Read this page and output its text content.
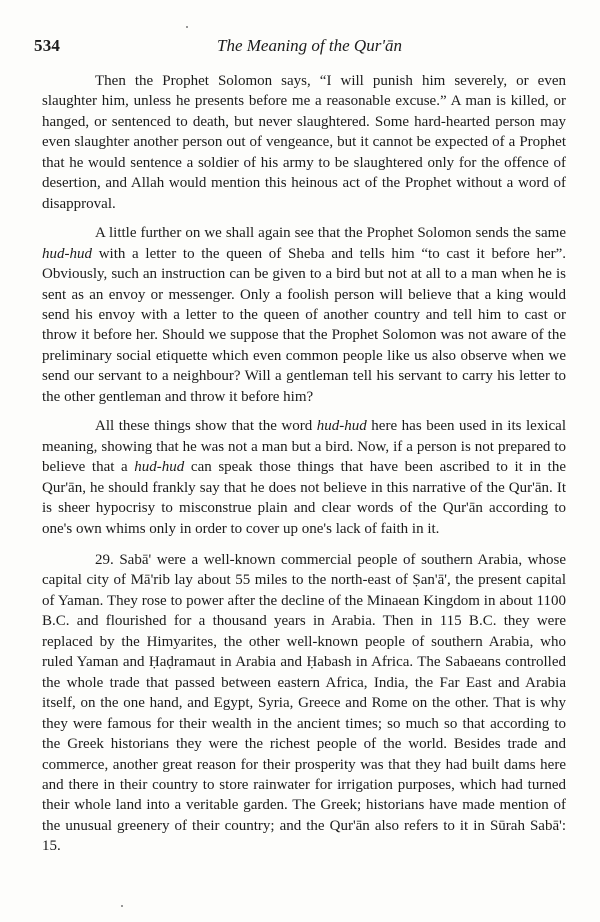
534	The Meaning of the Qur'ān

Then the Prophet Solomon says, “I will punish him severely, or even slaughter him, unless he presents before me a reasonable excuse.” A man is killed, or hanged, or sentenced to death, but never slaughtered. Some hard-hearted person may even slaughter another person out of vengeance, but it cannot be expected of a Prophet that he would sentence a soldier of his army to be slaughtered only for the offence of desertion, and Allah would mention this heinous act of the Prophet without a word of disapproval.

A little further on we shall again see that the Prophet Solomon sends the same hud-hud with a letter to the queen of Sheba and tells him “to cast it before her”. Obviously, such an instruction can be given to a bird but not at all to a man when he is sent as an envoy or messenger. Only a foolish person will believe that a king would send his envoy with a letter to the queen of another country and tell him to cast or throw it before her. Should we suppose that the Prophet Solomon was not aware of the preliminary social etiquette which even common people like us also observe when we send our servant to a neighbour? Will a gentleman tell his servant to carry his letter to the other gentleman and throw it before him?

All these things show that the word hud-hud here has been used in its lexical meaning, showing that he was not a man but a bird. Now, if a person is not prepared to believe that a hud-hud can speak those things that have been ascribed to it in the Qur'ān, he should frankly say that he does not believe in this narrative of the Qur'ān. It is sheer hypocrisy to misconstrue plain and clear words of the Qur'ān according to one's own whims only in order to cover up one's lack of faith in it.

29. Sabā' were a well-known commercial people of southern Arabia, whose capital city of Mā'rib lay about 55 miles to the north-east of Ṣan'ā', the present capital of Yaman. They rose to power after the decline of the Minaean Kingdom in about 1100 B.C. and flourished for a thousand years in Arabia. Then in 115 B.C. they were replaced by the Himyarites, the other well-known people of southern Arabia, who ruled Yaman and Ḥaḍramaut in Arabia and Ḥabash in Africa. The Sabaeans controlled the whole trade that passed between eastern Africa, India, the Far East and Arabia itself, on the one hand, and Egypt, Syria, Greece and Rome on the other. That is why they were famous for their wealth in the ancient times; so much so that according to the Greek historians they were the richest people of the world. Besides trade and commerce, another great reason for their prosperity was that they had built dams here and there in their country to store rainwater for irrigation purposes, which had turned their whole land into a veritable garden. The Greek; historians have made mention of the unusual greenery of their country; and the Qur'ān also refers to it in Sūrah Sabā': 15.
